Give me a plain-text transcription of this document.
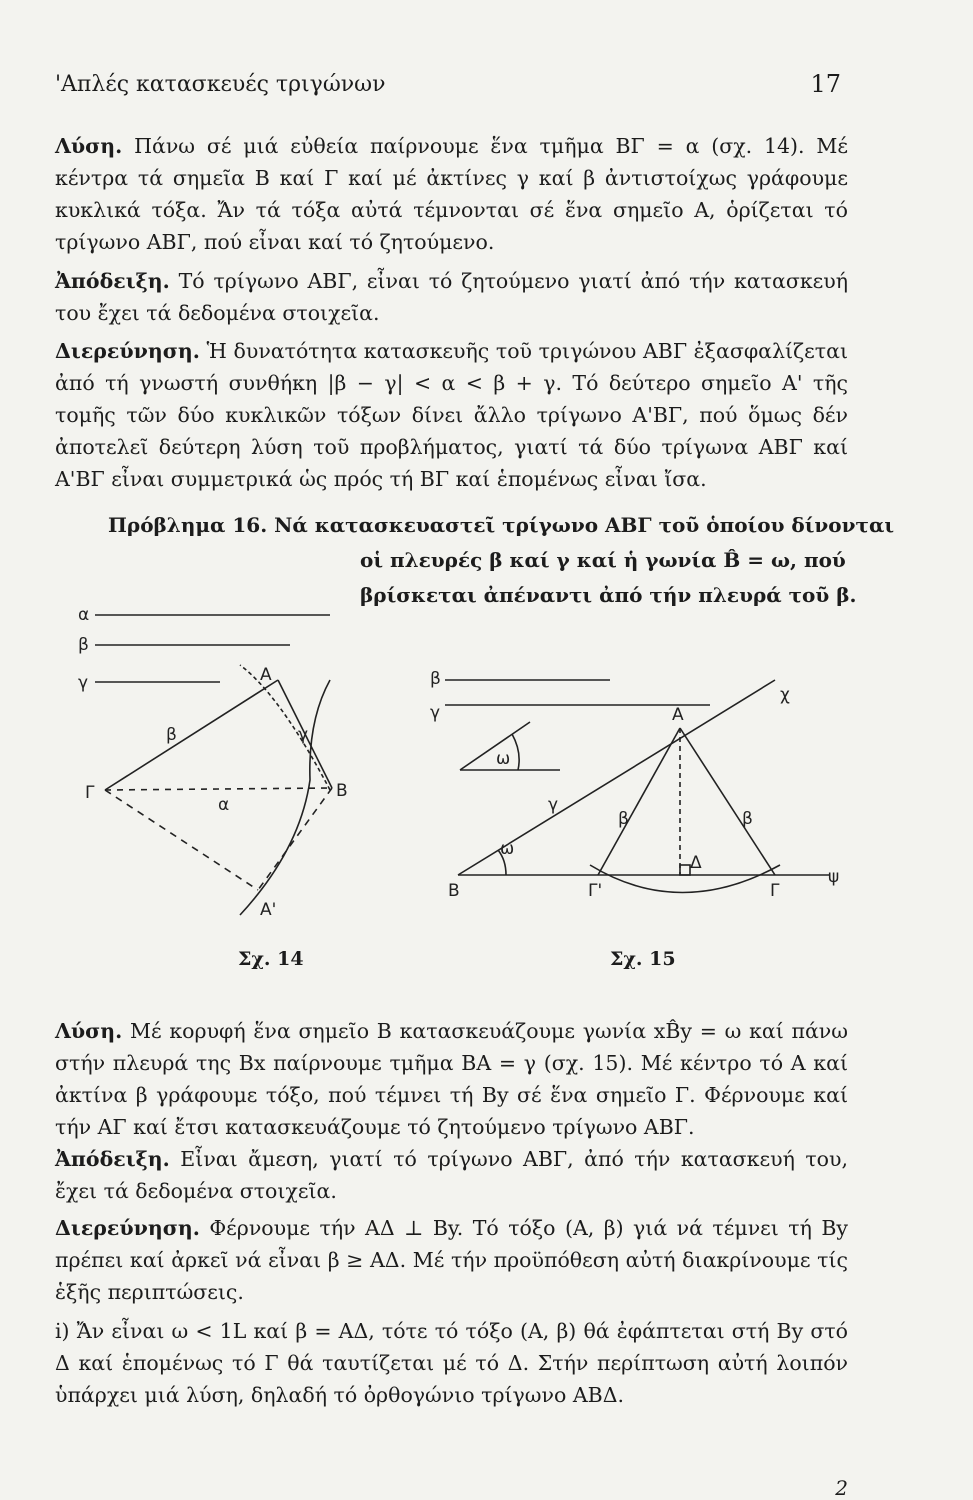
'Απλές κατασκευές τριγώνων	17
Λύση. Πάνω σέ μιά εὐθεία παίρνουμε ἕνα τμῆμα ΒΓ = α (σχ. 14). Μέ κέντρα τά σημεῖα Β καί Γ καί μέ ἀκτίνες γ καί β ἀντιστοίχως γράφουμε κυκλικά τόξα. Ἄν τά τόξα αὐτά τέμνονται σέ ἕνα σημεῖο Α, ὁρίζεται τό τρίγωνο ΑΒΓ, πού εἶναι καί τό ζητούμενο.
Ἀπόδειξη. Τό τρίγωνο ΑΒΓ, εἶναι τό ζητούμενο γιατί ἀπό τήν κατασκευή του ἔχει τά δεδομένα στοιχεῖα.
Διερεύνηση. Ἡ δυνατότητα κατασκευῆς τοῦ τριγώνου ΑΒΓ ἐξασφαλίζεται ἀπό τή γνωστή συνθήκη |β − γ| < α < β + γ. Τό δεύτερο σημεῖο Α' τῆς τομῆς τῶν δύο κυκλικῶν τόξων δίνει ἄλλο τρίγωνο Α'ΒΓ, πού ὅμως δέν ἀποτελεῖ δεύτερη λύση τοῦ προβλήματος, γιατί τά δύο τρίγωνα ΑΒΓ καί Α'ΒΓ εἶναι συμμετρικά ὡς πρός τή ΒΓ καί ἑπομένως εἶναι ἴσα.
Πρόβλημα 16. Νά κατασκευαστεῖ τρίγωνο ΑΒΓ τοῦ ὁποίου δίνονται
οἱ πλευρές β καί γ καί ἡ γωνία B̂ = ω, πού
βρίσκεται ἀπέναντι ἀπό τήν πλευρά τοῦ β.
α
β
γ	Α
Α'
Β
Γ
β	γ
α
Σχ. 14
β
γ
ω
ω
χ
Α
Β	Γ
Γ'
Δ
ψ
β	β
γ
Σχ. 15
Λύση. Μέ κορυφή ἕνα σημεῖο Β κατασκευάζουμε γωνία xB̂y = ω καί πάνω στήν πλευρά της Bx παίρνουμε τμῆμα ΒΑ = γ (σχ. 15). Μέ κέντρο τό Α καί ἀκτίνα β γράφουμε τόξο, πού τέμνει τή By σέ ἕνα σημεῖο Γ. Φέρνουμε καί τήν ΑΓ καί ἔτσι κατασκευάζουμε τό ζητούμενο τρίγωνο ΑΒΓ.
Ἀπόδειξη. Εἶναι ἄμεση, γιατί τό τρίγωνο ΑΒΓ, ἀπό τήν κατασκευή του, ἔχει τά δεδομένα στοιχεῖα.
Διερεύνηση. Φέρνουμε τήν ΑΔ ⊥ By. Τό τόξο (Α, β) γιά νά τέμνει τή By πρέπει καί ἀρκεῖ νά εἶναι β ≥ ΑΔ. Μέ τήν προϋπόθεση αὐτή διακρίνουμε τίς ἑξῆς περιπτώσεις.
i) Ἄν εἶναι ω < 1L καί β = ΑΔ, τότε τό τόξο (Α, β) θά ἐφάπτεται στή By στό Δ καί ἑπομένως τό Γ θά ταυτίζεται μέ τό Δ. Στήν περίπτωση αὐτή λοιπόν ὑπάρχει μιά λύση, δηλαδή τό ὀρθογώνιο τρίγωνο ΑΒΔ.
2
